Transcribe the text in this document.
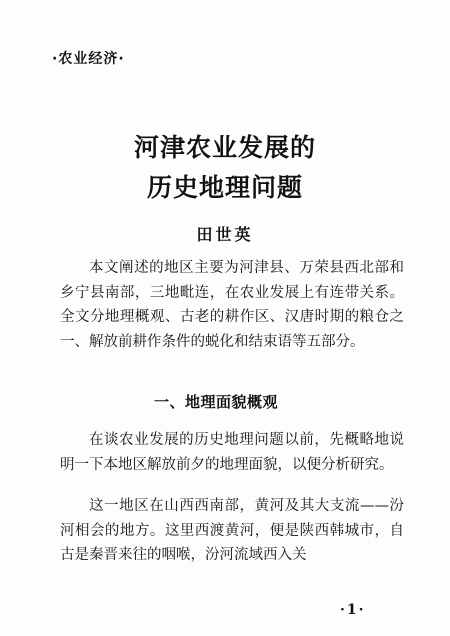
·农业经济·
河津农业发展的
历史地理问题
田世英

本文阐述的地区主要为河津县、万荣县西北部和乡宁县南部，三地毗连，在农业发展上有连带关系。全文分地理概观、古老的耕作区、汉唐时期的粮仓之一、解放前耕作条件的蜕化和结束语等五部分。

一、地理面貌概观

在谈农业发展的历史地理问题以前，先概略地说明一下本地区解放前夕的地理面貌，以便分析研究。

这一地区在山西西南部，黄河及其大支流——汾河相会的地方。这里西渡黄河，便是陕西韩城市，自古是秦晋来往的咽喉，汾河流域西入关

·1·
